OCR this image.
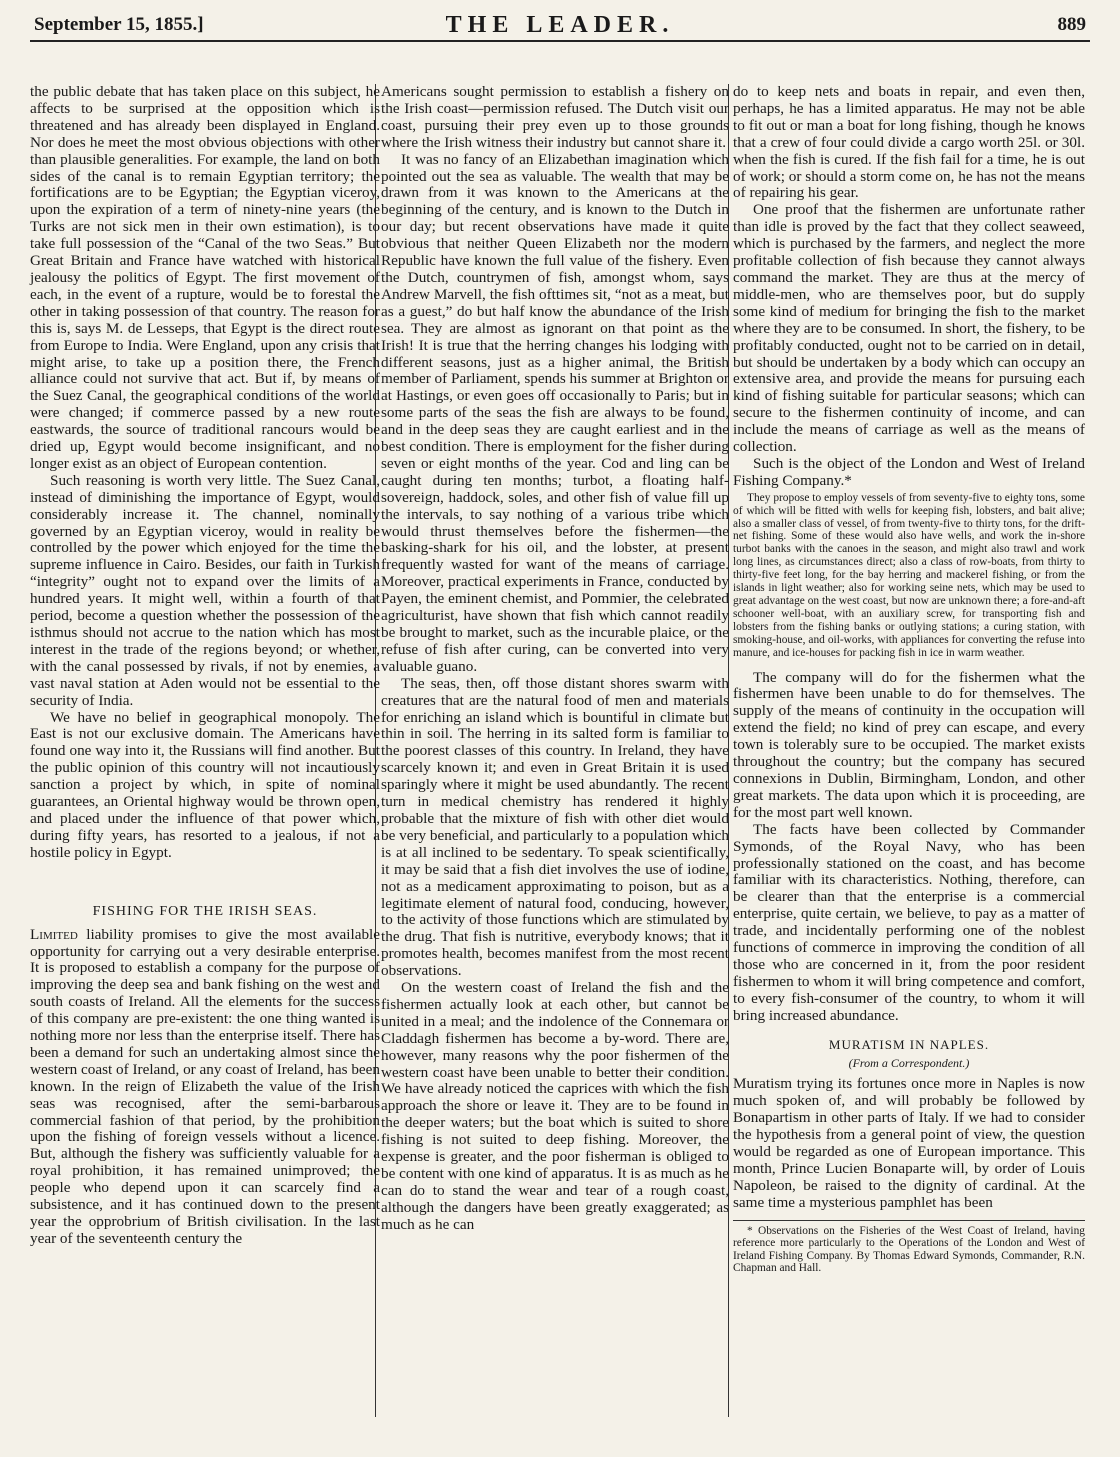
September 15, 1855.]	THE LEADER.	889

the public debate that has taken place on this subject, he affects to be surprised at the opposition which is threatened and has already been displayed in England. Nor does he meet the most obvious objections with other than plausible generalities. For example, the land on both sides of the canal is to remain Egyptian territory; the fortifications are to be Egyptian; the Egyptian viceroy, upon the expiration of a term of ninety-nine years (the Turks are not sick men in their own estimation), is to take full possession of the “Canal of the two Seas.” But Great Britain and France have watched with historical jealousy the politics of Egypt. The first movement of each, in the event of a rupture, would be to forestal the other in taking possession of that country. The reason for this is, says M. de Lesseps, that Egypt is the direct route from Europe to India. Were England, upon any crisis that might arise, to take up a position there, the French alliance could not survive that act. But if, by means of the Suez Canal, the geographical conditions of the world were changed; if commerce passed by a new route eastwards, the source of traditional rancours would be dried up, Egypt would become insignificant, and no longer exist as an object of European contention.

Such reasoning is worth very little. The Suez Canal, instead of diminishing the importance of Egypt, would considerably increase it. The channel, nominally governed by an Egyptian viceroy, would in reality be controlled by the power which enjoyed for the time the supreme influence in Cairo. Besides, our faith in Turkish “integrity” ought not to expand over the limits of a hundred years. It might well, within a fourth of that period, become a question whether the possession of the isthmus should not accrue to the nation which has most interest in the trade of the regions beyond; or whether, with the canal possessed by rivals, if not by enemies, a vast naval station at Aden would not be essential to the security of India.

We have no belief in geographical monopoly. The East is not our exclusive domain. The Americans have found one way into it, the Russians will find another. But the public opinion of this country will not incautiously sanction a project by which, in spite of nominal guarantees, an Oriental highway would be thrown open, and placed under the influence of that power which, during fifty years, has resorted to a jealous, if not a hostile policy in Egypt.

FISHING FOR THE IRISH SEAS.

Limited liability promises to give the most available opportunity for carrying out a very desirable enterprise. It is proposed to establish a company for the purpose of improving the deep sea and bank fishing on the west and south coasts of Ireland. All the elements for the success of this company are pre-existent: the one thing wanted is nothing more nor less than the enterprise itself. There has been a demand for such an undertaking almost since the western coast of Ireland, or any coast of Ireland, has been known. In the reign of Elizabeth the value of the Irish seas was recognised, after the semi-barbarous commercial fashion of that period, by the prohibition upon the fishing of foreign vessels without a licence. But, although the fishery was sufficiently valuable for a royal prohibition, it has remained unimproved; the people who depend upon it can scarcely find a subsistence, and it has continued down to the present year the opprobrium of British civilisation. In the last year of the seventeenth century the

Americans sought permission to establish a fishery on the Irish coast—permission refused. The Dutch visit our coast, pursuing their prey even up to those grounds where the Irish witness their industry but cannot share it.

It was no fancy of an Elizabethan imagination which pointed out the sea as valuable. The wealth that may be drawn from it was known to the Americans at the beginning of the century, and is known to the Dutch in our day; but recent observations have made it quite obvious that neither Queen Elizabeth nor the modern Republic have known the full value of the fishery. Even the Dutch, countrymen of fish, amongst whom, says Andrew Marvell, the fish ofttimes sit, “not as a meat, but as a guest,” do but half know the abundance of the Irish sea. They are almost as ignorant on that point as the Irish! It is true that the herring changes his lodging with different seasons, just as a higher animal, the British member of Parliament, spends his summer at Brighton or at Hastings, or even goes off occasionally to Paris; but in some parts of the seas the fish are always to be found, and in the deep seas they are caught earliest and in the best condition. There is employment for the fisher during seven or eight months of the year. Cod and ling can be caught during ten months; turbot, a floating half-sovereign, haddock, soles, and other fish of value fill up the intervals, to say nothing of a various tribe which would thrust themselves before the fishermen—the basking-shark for his oil, and the lobster, at present frequently wasted for want of the means of carriage. Moreover, practical experiments in France, conducted by Payen, the eminent chemist, and Pommier, the celebrated agriculturist, have shown that fish which cannot readily be brought to market, such as the incurable plaice, or the refuse of fish after curing, can be converted into very valuable guano.

The seas, then, off those distant shores swarm with creatures that are the natural food of men and materials for enriching an island which is bountiful in climate but thin in soil. The herring in its salted form is familiar to the poorest classes of this country. In Ireland, they have scarcely known it; and even in Great Britain it is used sparingly where it might be used abundantly. The recent turn in medical chemistry has rendered it highly probable that the mixture of fish with other diet would be very beneficial, and particularly to a population which is at all inclined to be sedentary. To speak scientifically, it may be said that a fish diet involves the use of iodine, not as a medicament approximating to poison, but as a legitimate element of natural food, conducing, however, to the activity of those functions which are stimulated by the drug. That fish is nutritive, everybody knows; that it promotes health, becomes manifest from the most recent observations.

On the western coast of Ireland the fish and the fishermen actually look at each other, but cannot be united in a meal; and the indolence of the Connemara or Claddagh fishermen has become a by-word. There are, however, many reasons why the poor fishermen of the western coast have been unable to better their condition. We have already noticed the caprices with which the fish approach the shore or leave it. They are to be found in the deeper waters; but the boat which is suited to shore fishing is not suited to deep fishing. Moreover, the expense is greater, and the poor fisherman is obliged to be content with one kind of apparatus. It is as much as he can do to stand the wear and tear of a rough coast, although the dangers have been greatly exaggerated; as much as he can

do to keep nets and boats in repair, and even then, perhaps, he has a limited apparatus. He may not be able to fit out or man a boat for long fishing, though he knows that a crew of four could divide a cargo worth 25l. or 30l. when the fish is cured. If the fish fail for a time, he is out of work; or should a storm come on, he has not the means of repairing his gear.

One proof that the fishermen are unfortunate rather than idle is proved by the fact that they collect seaweed, which is purchased by the farmers, and neglect the more profitable collection of fish because they cannot always command the market. They are thus at the mercy of middle-men, who are themselves poor, but do supply some kind of medium for bringing the fish to the market where they are to be consumed. In short, the fishery, to be profitably conducted, ought not to be carried on in detail, but should be undertaken by a body which can occupy an extensive area, and provide the means for pursuing each kind of fishing suitable for particular seasons; which can secure to the fishermen continuity of income, and can include the means of carriage as well as the means of collection.

Such is the object of the London and West of Ireland Fishing Company.*

They propose to employ vessels of from seventy-five to eighty tons, some of which will be fitted with wells for keeping fish, lobsters, and bait alive; also a smaller class of vessel, of from twenty-five to thirty tons, for the drift-net fishing. Some of these would also have wells, and work the in-shore turbot banks with the canoes in the season, and might also trawl and work long lines, as circumstances direct; also a class of row-boats, from thirty to thirty-five feet long, for the bay herring and mackerel fishing, or from the islands in light weather; also for working seine nets, which may be used to great advantage on the west coast, but now are unknown there; a fore-and-aft schooner well-boat, with an auxiliary screw, for transporting fish and lobsters from the fishing banks or outlying stations; a curing station, with smoking-house, and oil-works, with appliances for converting the refuse into manure, and ice-houses for packing fish in ice in warm weather.

The company will do for the fishermen what the fishermen have been unable to do for themselves. The supply of the means of continuity in the occupation will extend the field; no kind of prey can escape, and every town is tolerably sure to be occupied. The market exists throughout the country; but the company has secured connexions in Dublin, Birmingham, London, and other great markets. The data upon which it is proceeding, are for the most part well known.

The facts have been collected by Commander Symonds, of the Royal Navy, who has been professionally stationed on the coast, and has become familiar with its characteristics. Nothing, therefore, can be clearer than that the enterprise is a commercial enterprise, quite certain, we believe, to pay as a matter of trade, and incidentally performing one of the noblest functions of commerce in improving the condition of all those who are concerned in it, from the poor resident fishermen to whom it will bring competence and comfort, to every fish-consumer of the country, to whom it will bring increased abundance.

MURATISM IN NAPLES.
(From a Correspondent.)

Muratism trying its fortunes once more in Naples is now much spoken of, and will probably be followed by Bonapartism in other parts of Italy. If we had to consider the hypothesis from a general point of view, the question would be regarded as one of European importance. This month, Prince Lucien Bonaparte will, by order of Louis Napoleon, be raised to the dignity of cardinal. At the same time a mysterious pamphlet has been

* Observations on the Fisheries of the West Coast of Ireland, having reference more particularly to the Operations of the London and West of Ireland Fishing Company. By Thomas Edward Symonds, Commander, R.N. Chapman and Hall.
